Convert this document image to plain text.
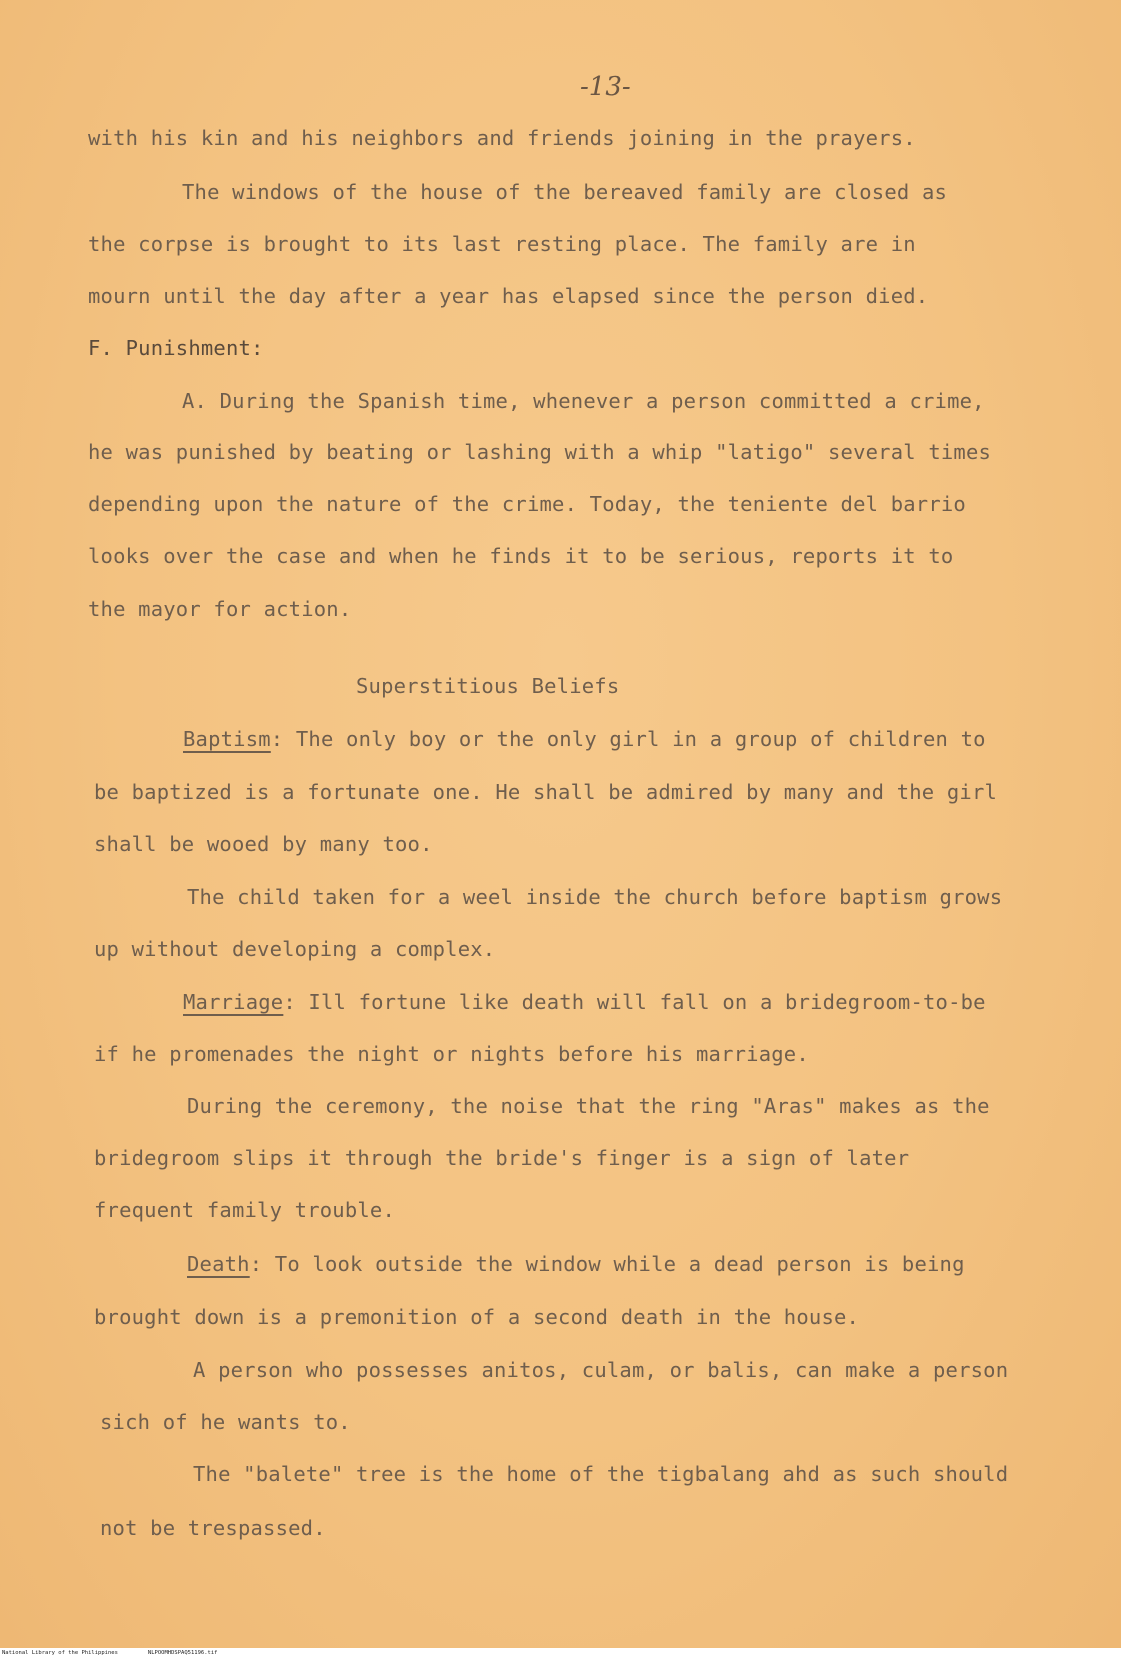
-13-
with his kin and his neighbors and friends joining in the prayers.
The windows of the house of the bereaved family are closed as
the corpse is brought to its last resting place. The family are in
mourn until the day after a year has elapsed since the person died.
F. Punishment:
A. During the Spanish time, whenever a person committed a crime,
he was punished by beating or lashing with a whip "latigo" several times
depending upon the nature of the crime. Today, the teniente del barrio
looks over the case and when he finds it to be serious, reports it to
the mayor for action.
Superstitious Beliefs
Baptism: The only boy or the only girl in a group of children to
be baptized is a fortunate one. He shall be admired by many and the girl
shall be wooed by many too.
The child taken for a weel inside the church before baptism grows
up without developing a complex.
Marriage: Ill fortune like death will fall on a bridegroom-to-be
if he promenades the night or nights before his marriage.
During the ceremony, the noise that the ring "Aras" makes as the
bridegroom slips it through the bride's finger is a sign of later
frequent family trouble.
Death: To look outside the window while a dead person is being
brought down is a premonition of a second death in the house.
A person who possesses anitos, culam, or balis, can make a person
sich of he wants to.
The "balete" tree is the home of the tigbalang ahd as such should
not be trespassed.
National Library of the Philippines	NLPOOMHDSPAQ51196.tif
